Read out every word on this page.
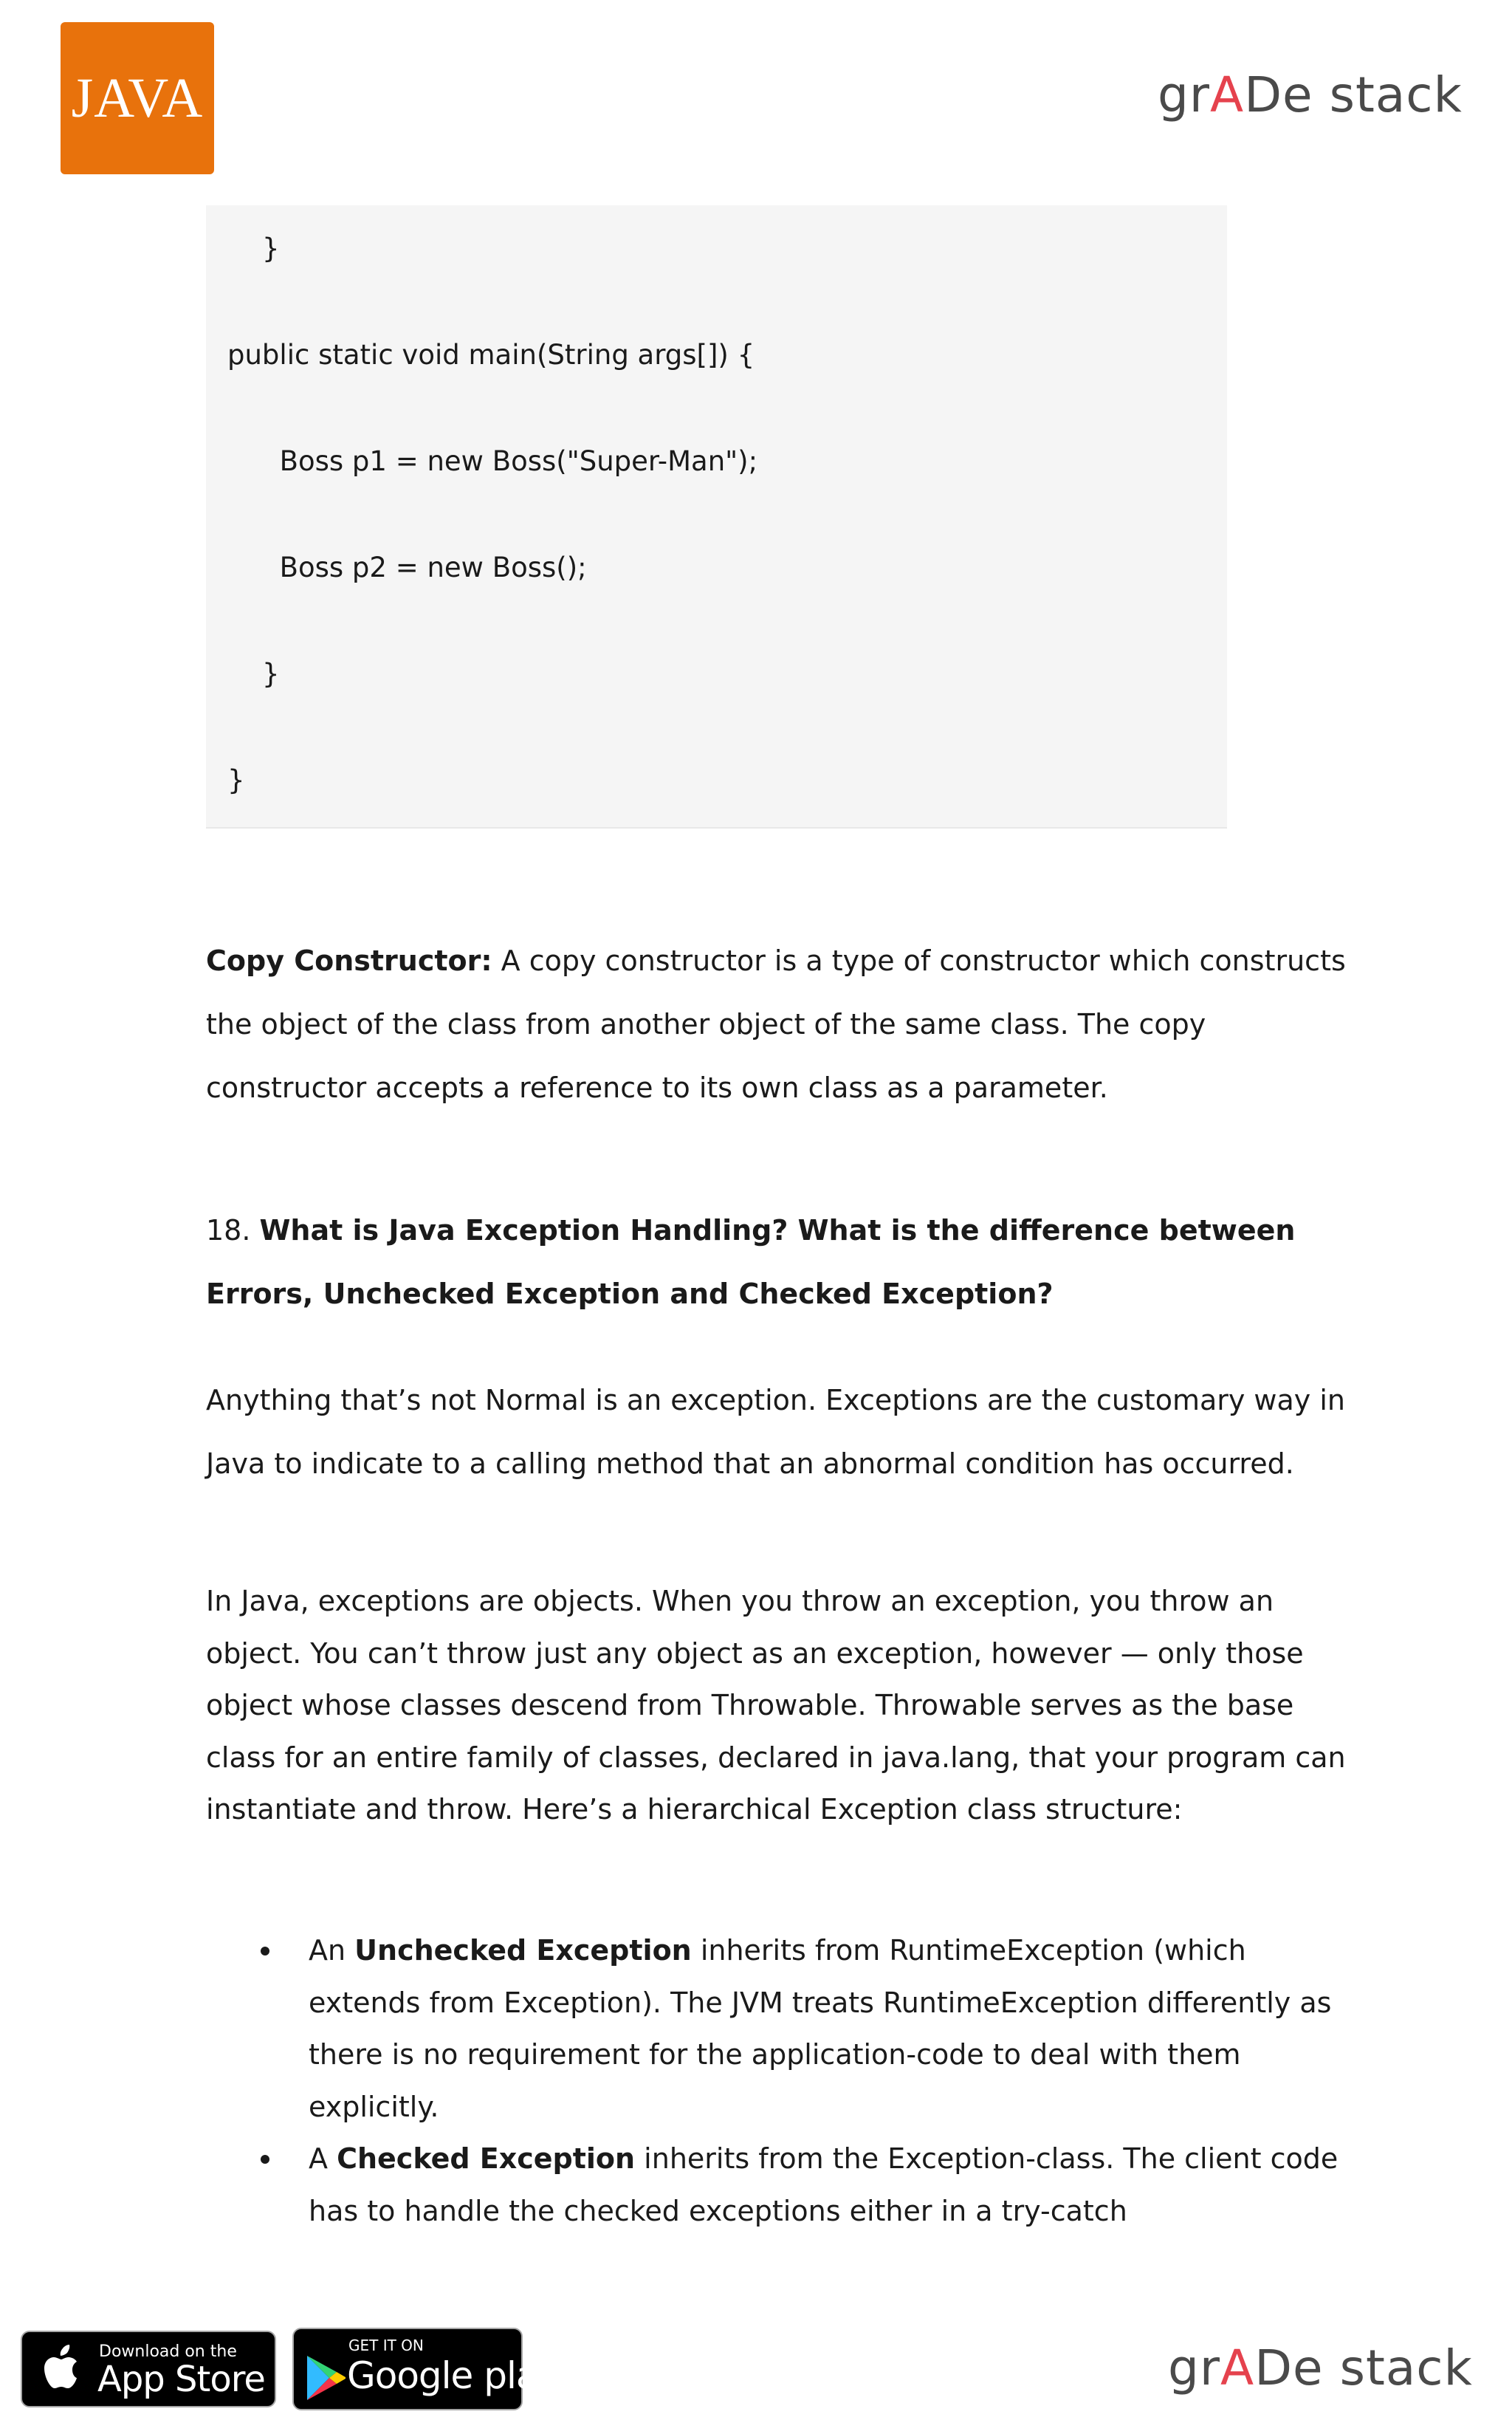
JAVA	grADe stack
}
public static void main(String args[]) {
Boss p1 = new Boss("Super-Man");
Boss p2 = new Boss();
}
}
Copy Constructor: A copy constructor is a type of constructor which constructs the object of the class from another object of the same class. The copy constructor accepts a reference to its own class as a parameter.
18. What is Java Exception Handling? What is the difference between Errors, Unchecked Exception and Checked Exception?
Anything that’s not Normal is an exception. Exceptions are the customary way in Java to indicate to a calling method that an abnormal condition has occurred.
In Java, exceptions are objects. When you throw an exception, you throw an object. You can’t throw just any object as an exception, however — only those object whose classes descend from Throwable. Throwable serves as the base class for an entire family of classes, declared in java.lang, that your program can instantiate and throw. Here’s a hierarchical Exception class structure:
An Unchecked Exception inherits from RuntimeException (which extends from Exception). The JVM treats RuntimeException differently as there is no requirement for the application-code to deal with them explicitly.
A Checked Exception inherits from the Exception-class. The client code has to handle the checked exceptions either in a try-catch
Download on the
App Store
GET IT ON
Google play	grADe stack
